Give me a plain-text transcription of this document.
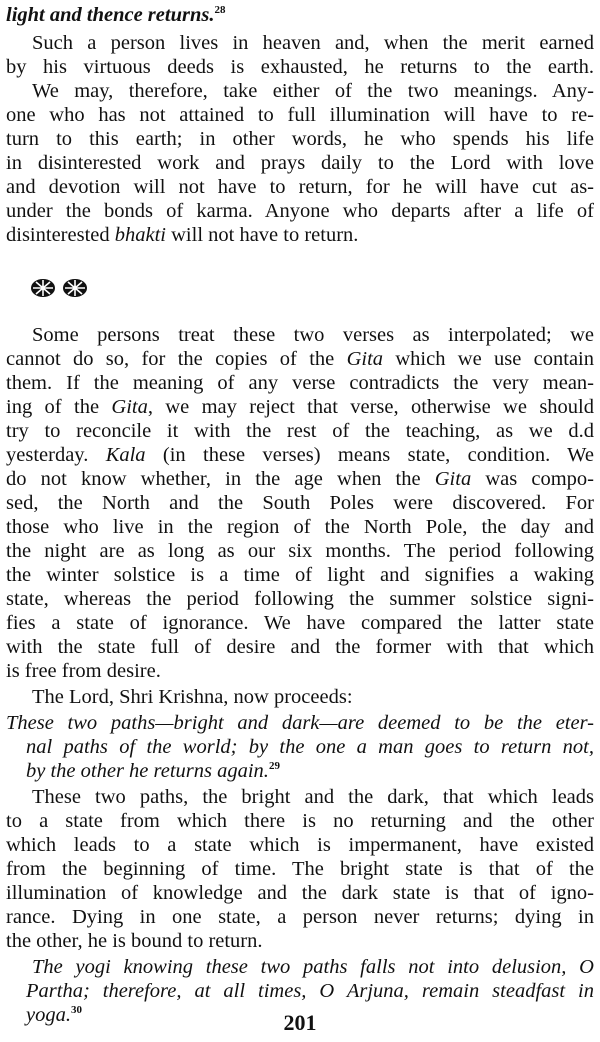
light and thence returns.$^{28}$
Such a person lives in heaven and, when the merit earned
by his virtuous deeds is exhausted, he returns to the earth.
We may, therefore, take either of the two meanings. Any-
one who has not attained to full illumination will have to re-
turn to this earth; in other words, he who spends his life
in disinterested work and prays daily to the Lord with love
and devotion will not have to return, for he will have cut as-
under the bonds of karma. Anyone who departs after a life of
disinterested bhakti will not have to return.
Some persons treat these two verses as interpolated; we
cannot do so, for the copies of the Gita which we use contain
them. If the meaning of any verse contradicts the very mean-
ing of the Gita, we may reject that verse, otherwise we should
try to reconcile it with the rest of the teaching, as we d.d
yesterday. Kala (in these verses) means state, condition. We
do not know whether, in the age when the Gita was compo-
sed, the North and the South Poles were discovered. For
those who live in the region of the North Pole, the day and
the night are as long as our six months. The period following
the winter solstice is a time of light and signifies a waking
state, whereas the period following the summer solstice signi-
fies a state of ignorance. We have compared the latter state
with the state full of desire and the former with that which
is free from desire.
The Lord, Shri Krishna, now proceeds:
These two paths—bright and dark—are deemed to be the eter-
nal paths of the world; by the one a man goes to return not,
by the other he returns again.$^{29}$
These two paths, the bright and the dark, that which leads
to a state from which there is no returning and the other
which leads to a state which is impermanent, have existed
from the beginning of time. The bright state is that of the
illumination of knowledge and the dark state is that of igno-
rance. Dying in one state, a person never returns; dying in
the other, he is bound to return.
The yogi knowing these two paths falls not into delusion, O
Partha; therefore, at all times, O Arjuna, remain steadfast in
yoga.$^{30}$	201
